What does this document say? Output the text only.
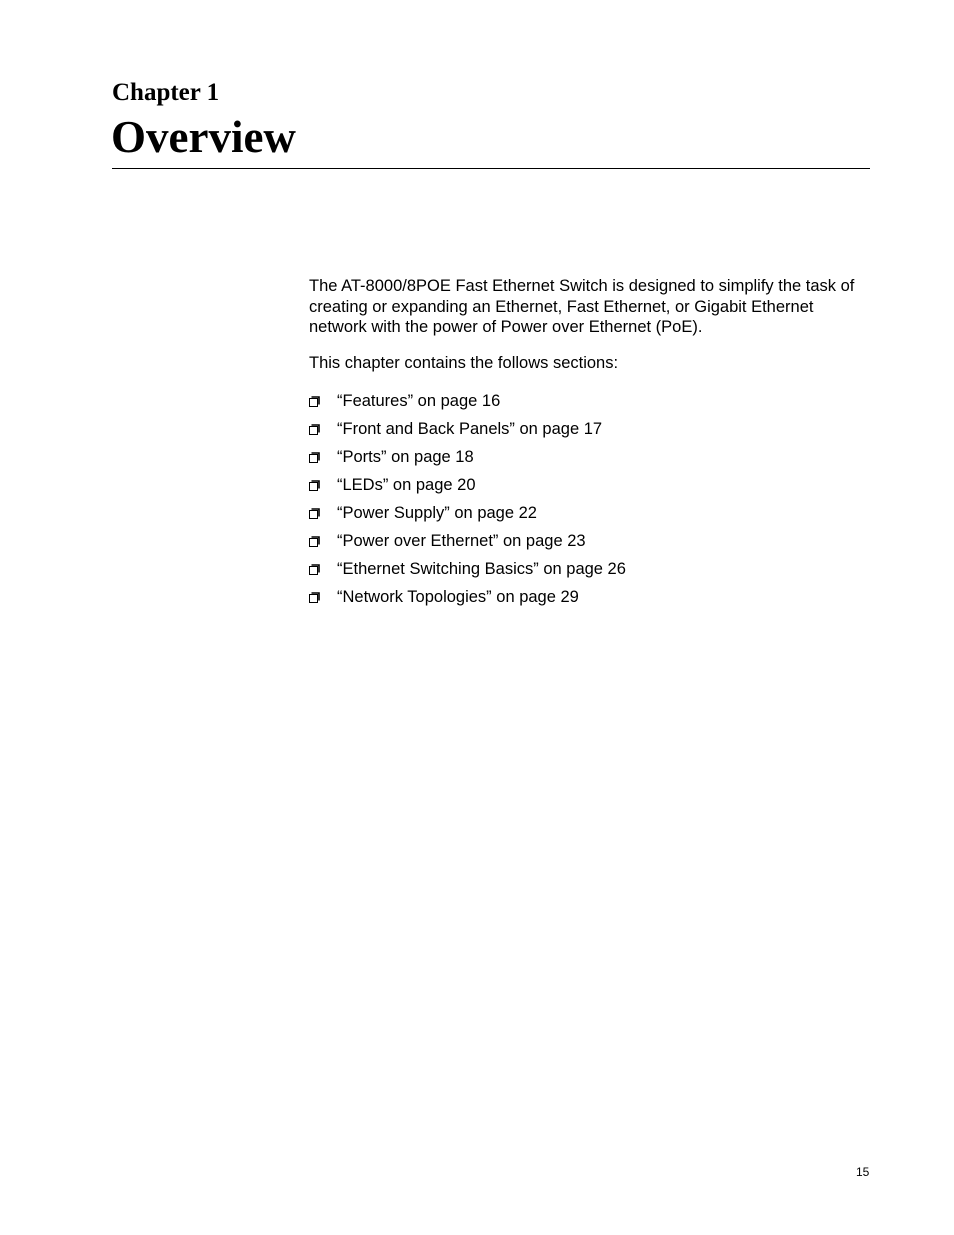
Chapter 1
Overview

The AT-8000/8POE Fast Ethernet Switch is designed to simplify the task of creating or expanding an Ethernet, Fast Ethernet, or Gigabit Ethernet network with the power of Power over Ethernet (PoE).

This chapter contains the follows sections:

“Features” on page 16
“Front and Back Panels” on page 17
“Ports” on page 18
“LEDs” on page 20
“Power Supply” on page 22
“Power over Ethernet” on page 23
“Ethernet Switching Basics” on page 26
“Network Topologies” on page 29

15
